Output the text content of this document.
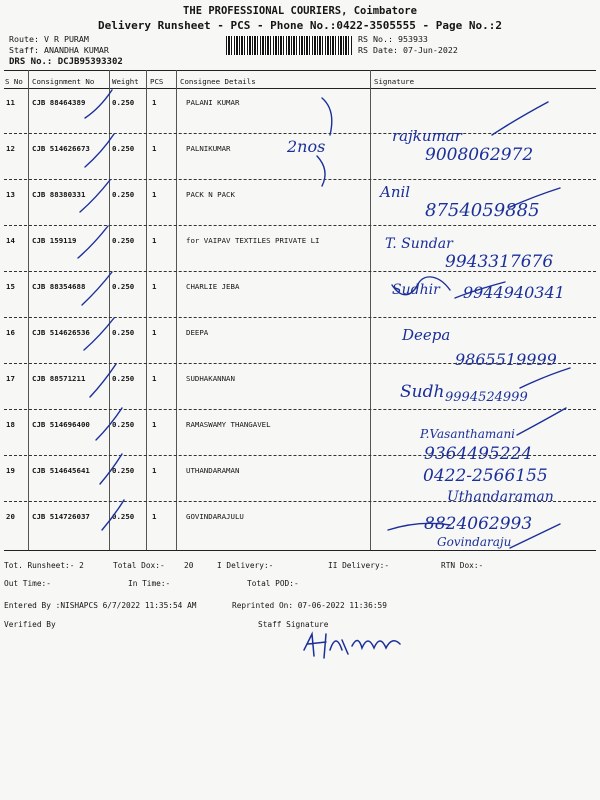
THE PROFESSIONAL COURIERS, Coimbatore
Delivery Runsheet - PCS - Phone No.:0422-3505555 - Page No.:2
Route: V R PURAM
Staff: ANANDHA KUMAR
DRS No.: DCJB95393302
RS No.: 953933
RS Date: 07-Jun-2022
S No Consignment No Weight PCS Consignee Details	Signature
11 CJB 88464389	0.250 1	PALANI KUMAR
12 CJB 514626673	0.250 1	PALNIKUMAR	2nos
rajkumar
9008062972
13 CJB 88380331	0.250 1	PACK N PACK	Anil
8754059885
14 CJB 159119	0.250 1	for VAIPAV TEXTILES PRIVATE LI	T. Sundar
9943317676
15 CJB 88354688	0.250 1	CHARLIE JEBA	Sudhir 9944940341
16 CJB 514626536	0.250 1	DEEPA	Deepa
9865519999
17 CJB 88571211	0.250 1	SUDHAKANNAN
Sudh 9994524999
18 CJB 514696400	0.250 1	RAMASWAMY THANGAVEL
P.Vasanthamani
9364495224
19 CJB 514645641	0.250 1	UTHANDARAMAN	0422-2566155
Uthandaraman
20 CJB 514726037	0.250 1	GOVINDARAJULU	8824062993
Govindaraju
Tot. Runsheet:- 2	Total Dox:- 20	I Delivery:-	II Delivery:-	RTN Dox:-
Out Time:-	In Time:-	Total POD:-
Entered By :NISHAPCS 6/7/2022 11:35:54 AM	Reprinted On: 07-06-2022 11:36:59
Verified By	Staff Signature
